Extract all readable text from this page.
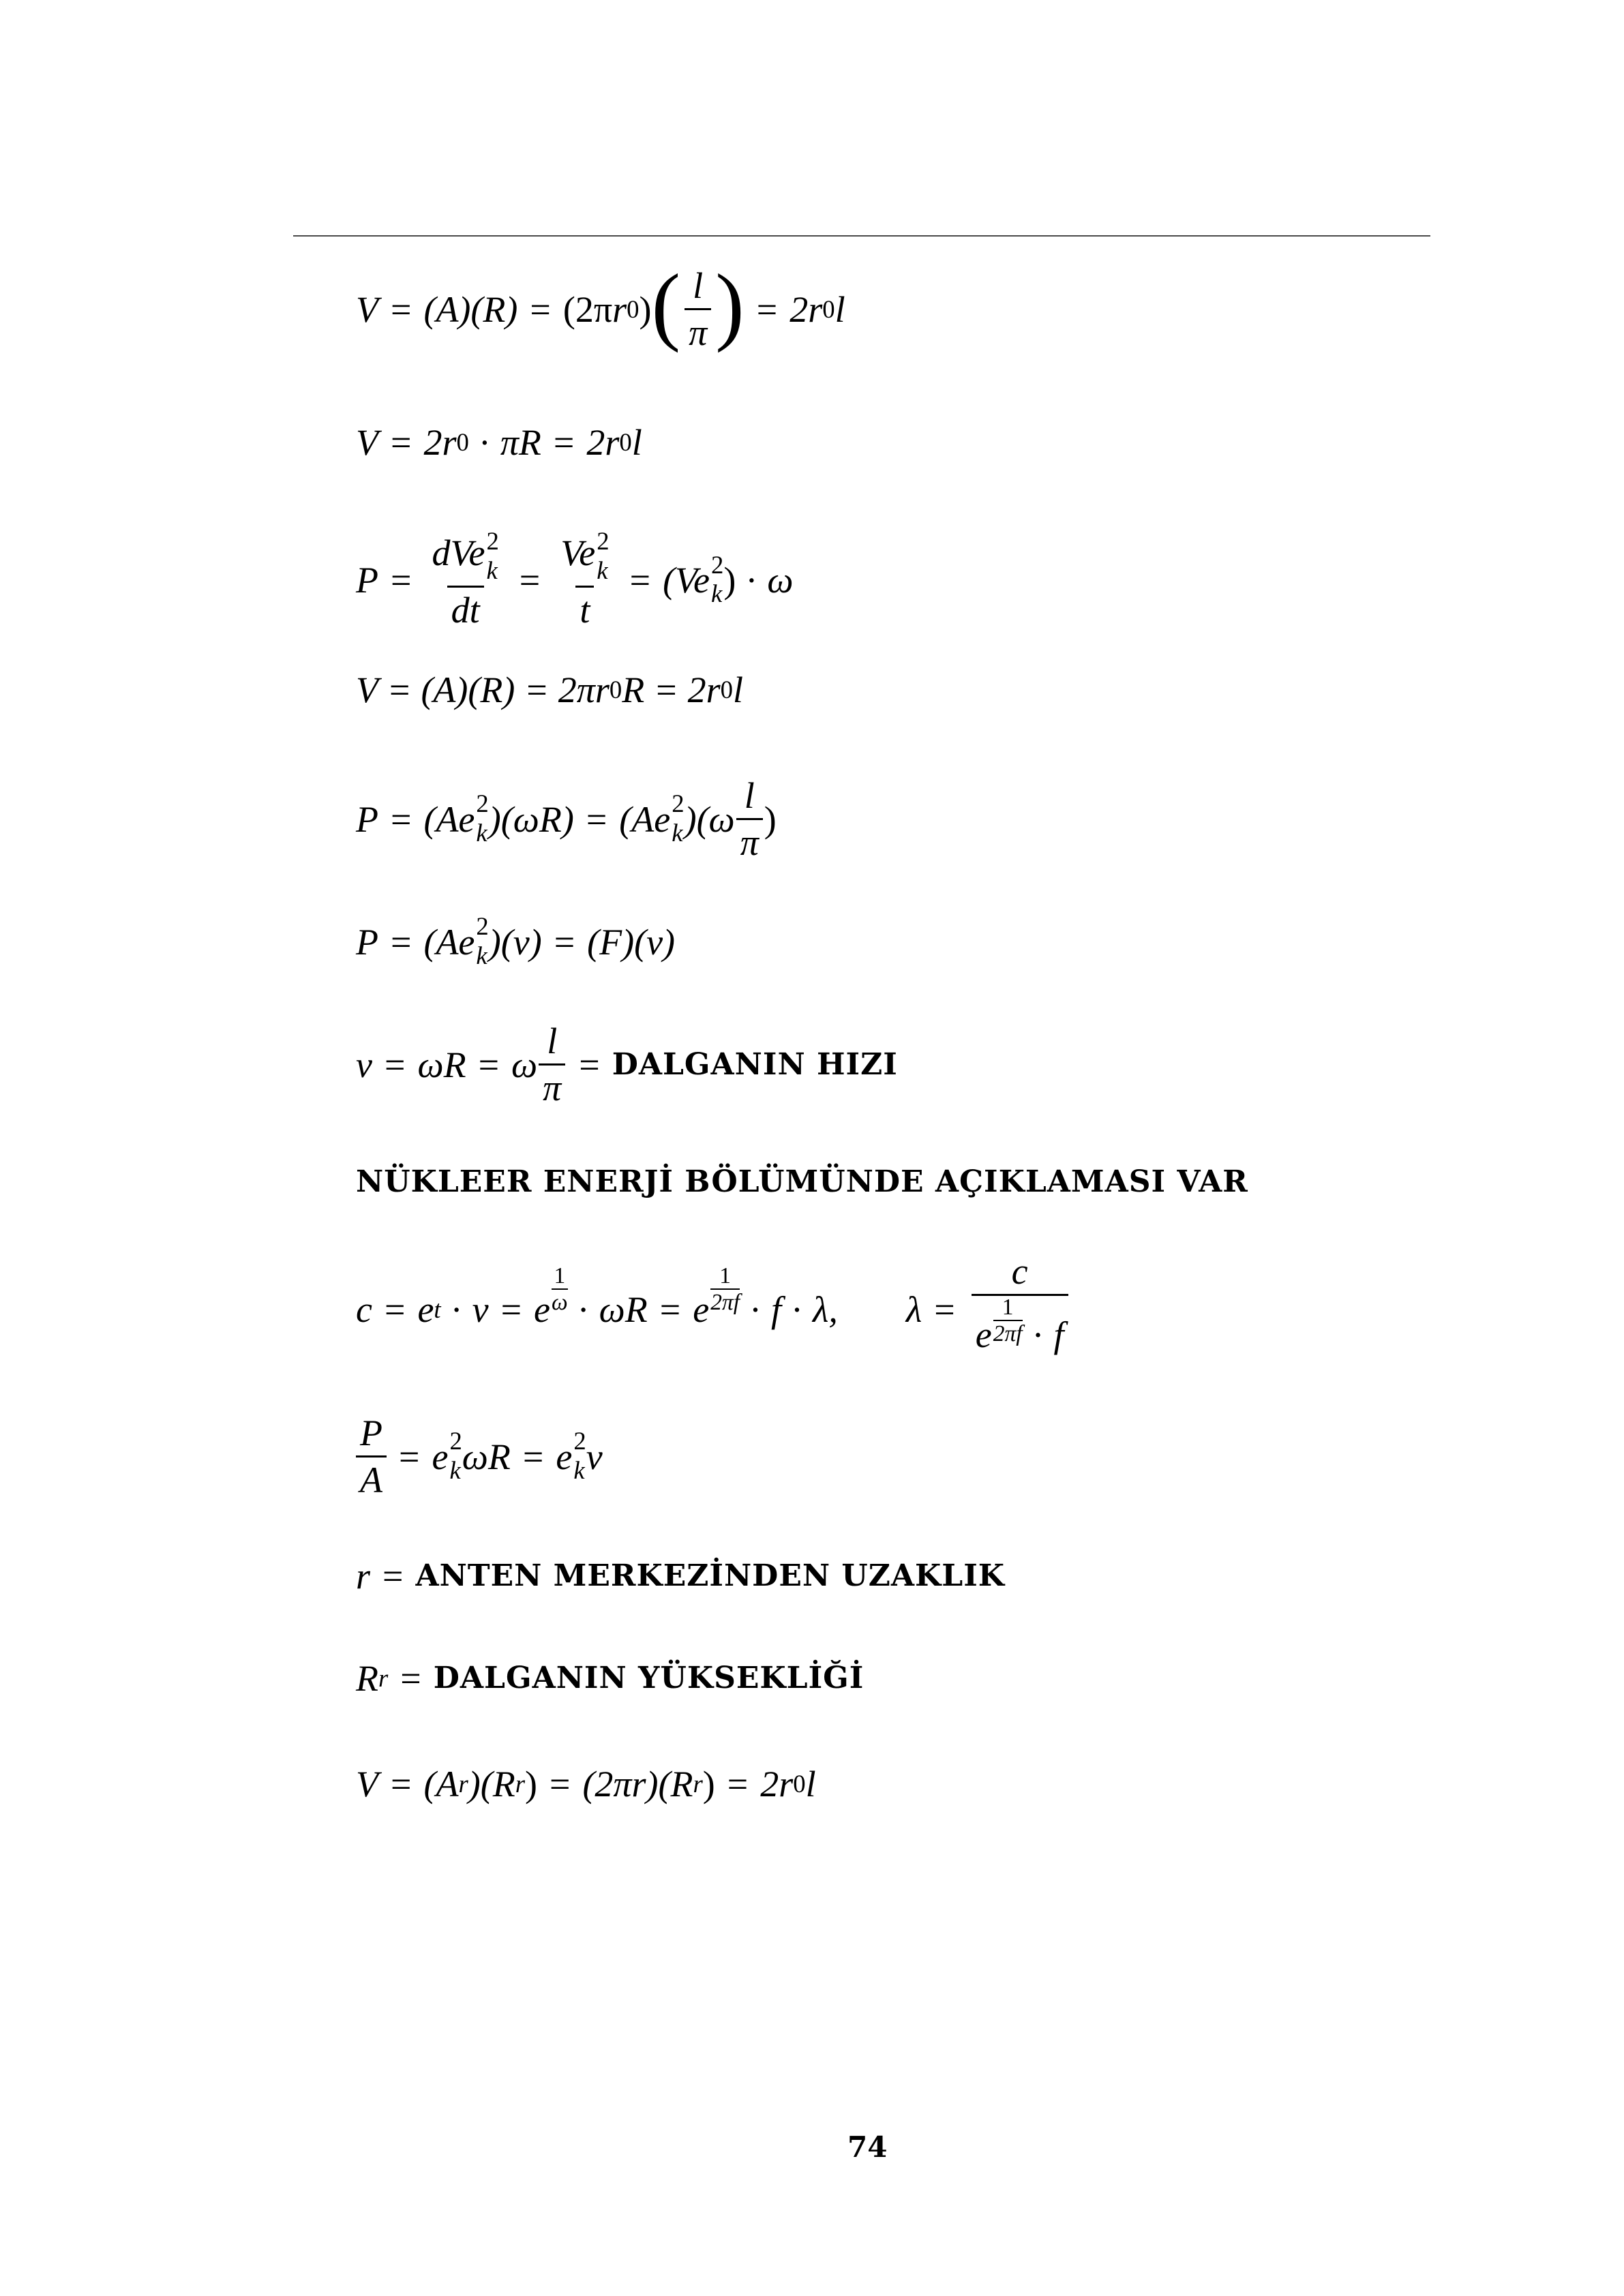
V = (A)(R) = (2π r 0 ) ( $\frac{l}{\pi}$ ) = 2r 0 l
V = 2r 0 · πR = 2r 0 l
P = dVe 2
k
dt = Ve 2
k
t = (Ve 2
k ) · ω
V = (A)(R) = 2πr 0 R = 2r 0 l
P = (Ae 2
k )(ωR) = (Ae 2
k )($\omega \frac{l}{\pi}$ )
P = (Ae 2
k )(v) = (F)(v)
v = ωR = ω $\frac{l}{\pi}$ = DALGANIN HIZI
NÜKLEER ENERJİ BÖLÜMÜNDE AÇIKLAMASI VAR
c = e t · v = e $\frac{1}{\omega} \cdot \omega R = e \frac{1}{2\pi f} \cdot f \cdot \lambda$, $\lambda = \frac{c}{e \frac{1}{2\pi f} \cdot f}$
$\frac{P}{A} = e$ 2
k ωR = e 2
k v
r = ANTEN MERKEZİNDEN UZAKLIK
R r = DALGANIN YÜKSEKLİĞİ
V = (A r )(R r ) = (2πr)(R r ) = 2r 0 l
74
